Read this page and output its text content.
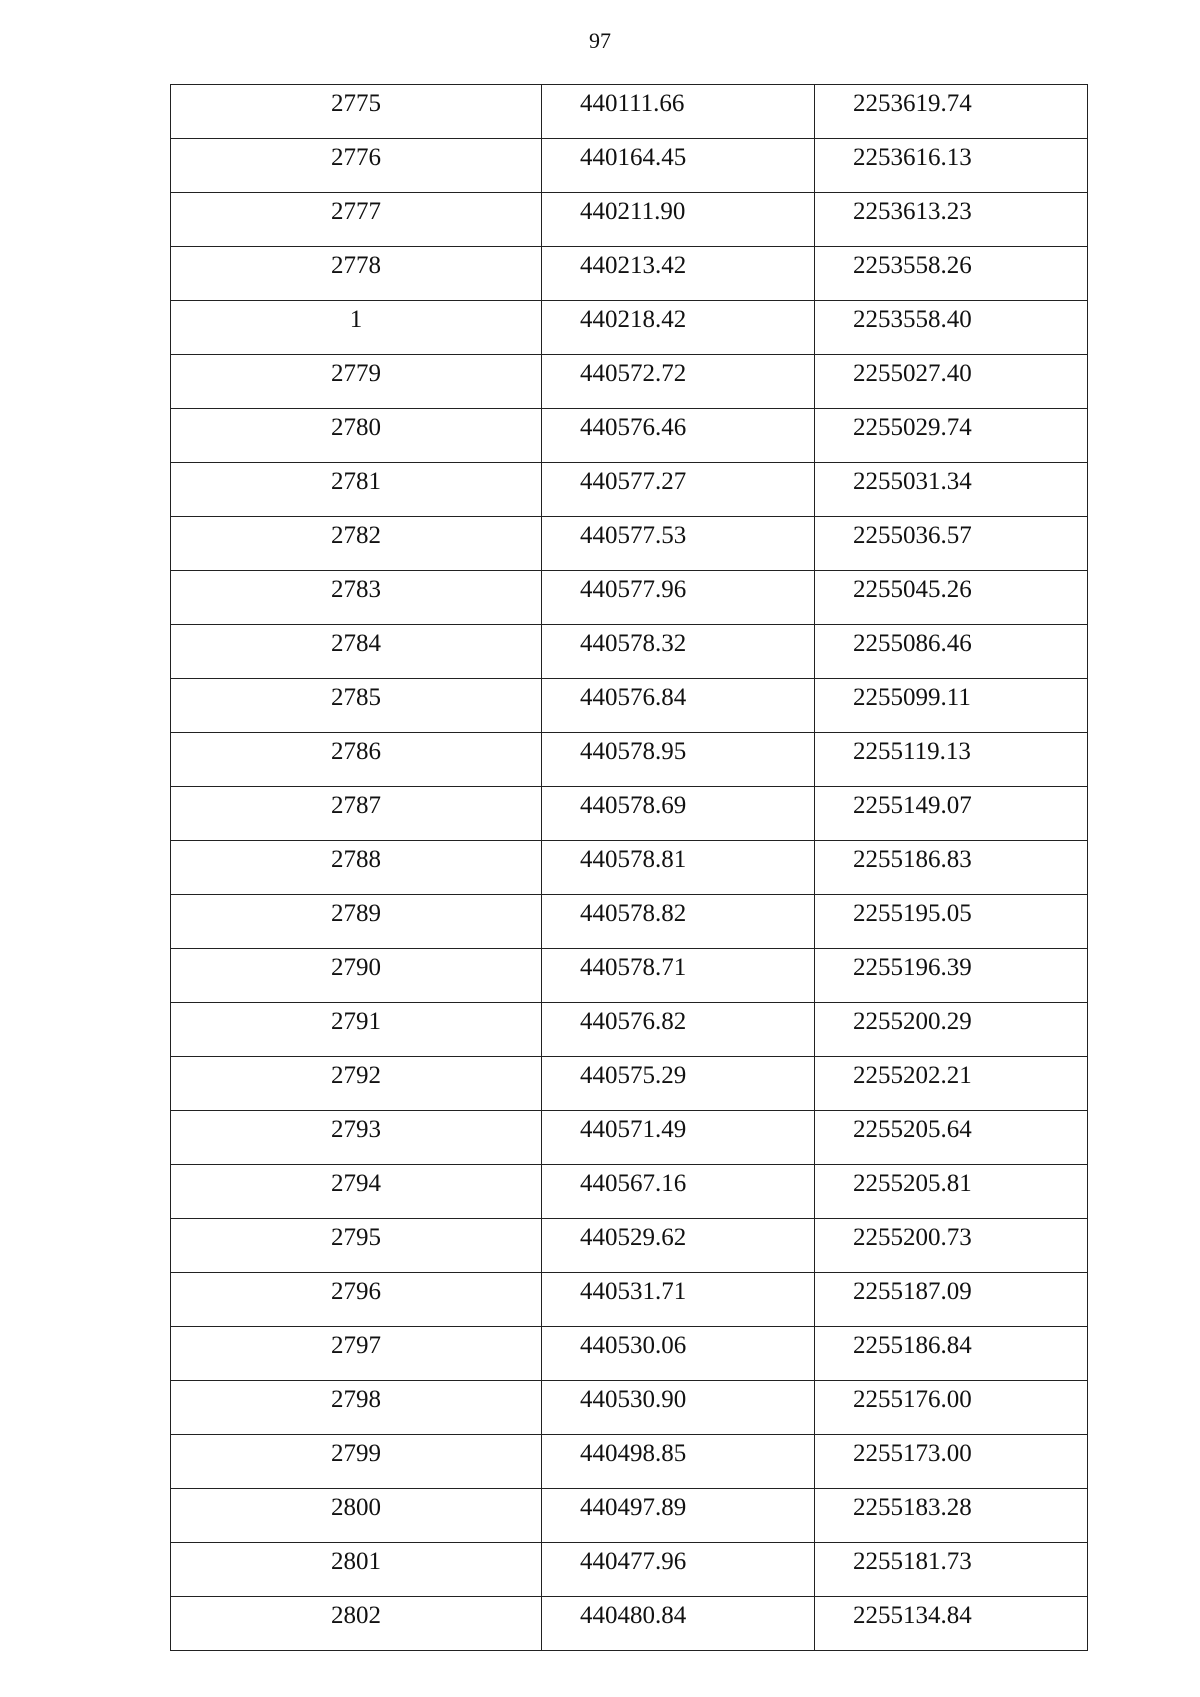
97
2775	440111.66	2253619.74
2776	440164.45	2253616.13
2777	440211.90	2253613.23
2778	440213.42	2253558.26
1	440218.42	2253558.40
2779	440572.72	2255027.40
2780	440576.46	2255029.74
2781	440577.27	2255031.34
2782	440577.53	2255036.57
2783	440577.96	2255045.26
2784	440578.32	2255086.46
2785	440576.84	2255099.11
2786	440578.95	2255119.13
2787	440578.69	2255149.07
2788	440578.81	2255186.83
2789	440578.82	2255195.05
2790	440578.71	2255196.39
2791	440576.82	2255200.29
2792	440575.29	2255202.21
2793	440571.49	2255205.64
2794	440567.16	2255205.81
2795	440529.62	2255200.73
2796	440531.71	2255187.09
2797	440530.06	2255186.84
2798	440530.90	2255176.00
2799	440498.85	2255173.00
2800	440497.89	2255183.28
2801	440477.96	2255181.73
2802	440480.84	2255134.84
